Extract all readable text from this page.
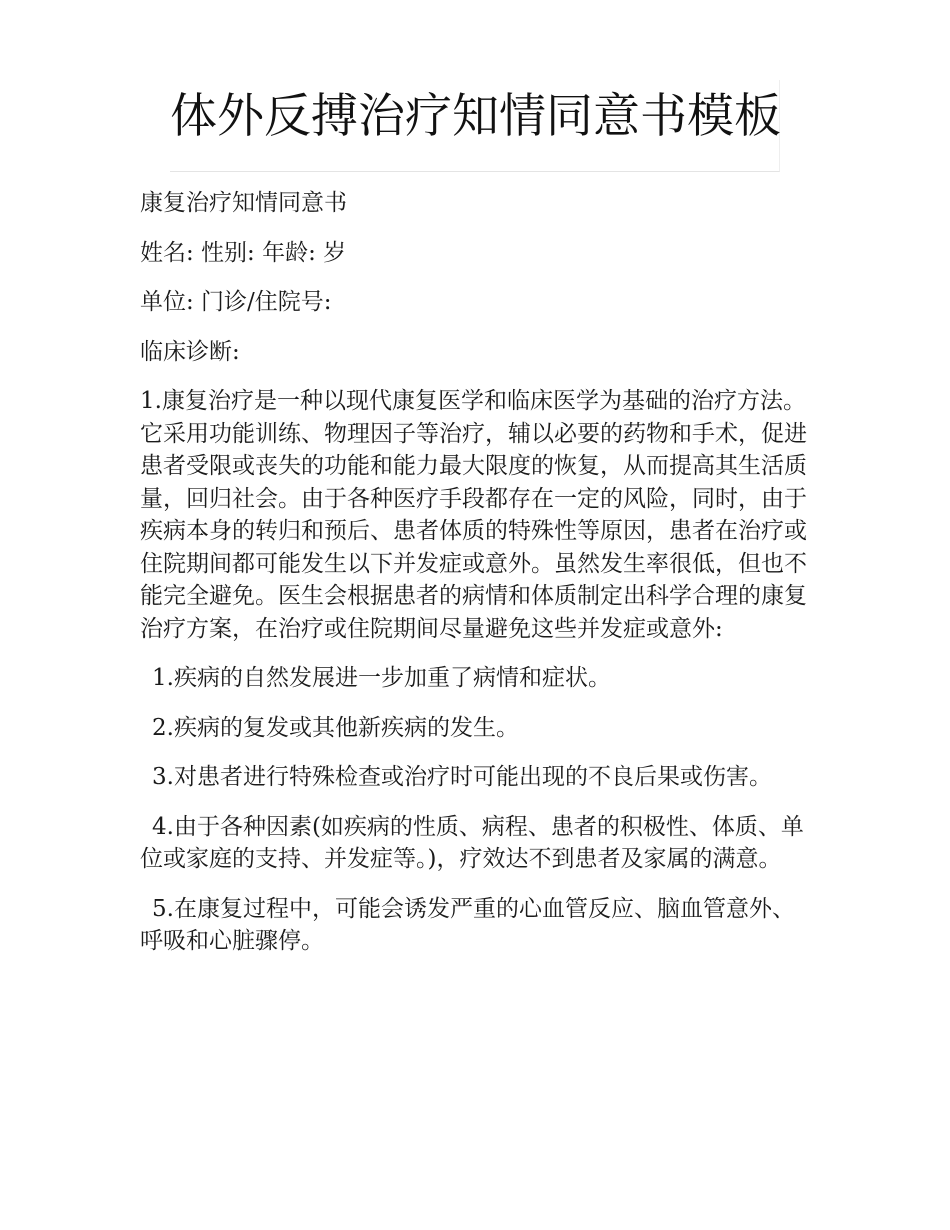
体外反搏治疗知情同意书模板

康复治疗知情同意书

姓名: 性别: 年龄: 岁

单位: 门诊/住院号:

临床诊断:

1.康复治疗是一种以现代康复医学和临床医学为基础的治疗方法。它采用功能训练、物理因子等治疗，辅以必要的药物和手术，促进患者受限或丧失的功能和能力最大限度的恢复，从而提高其生活质量，回归社会。由于各种医疗手段都存在一定的风险，同时，由于疾病本身的转归和预后、患者体质的特殊性等原因，患者在治疗或住院期间都可能发生以下并发症或意外。虽然发生率很低，但也不能完全避免。医生会根据患者的病情和体质制定出科学合理的康复治疗方案，在治疗或住院期间尽量避免这些并发症或意外:

1.疾病的自然发展进一步加重了病情和症状。

2.疾病的复发或其他新疾病的发生。

3.对患者进行特殊检查或治疗时可能出现的不良后果或伤害。

4.由于各种因素(如疾病的性质、病程、患者的积极性、体质、单位或家庭的支持、并发症等。)，疗效达不到患者及家属的满意。

5.在康复过程中，可能会诱发严重的心血管反应、脑血管意外、呼吸和心脏骤停。
